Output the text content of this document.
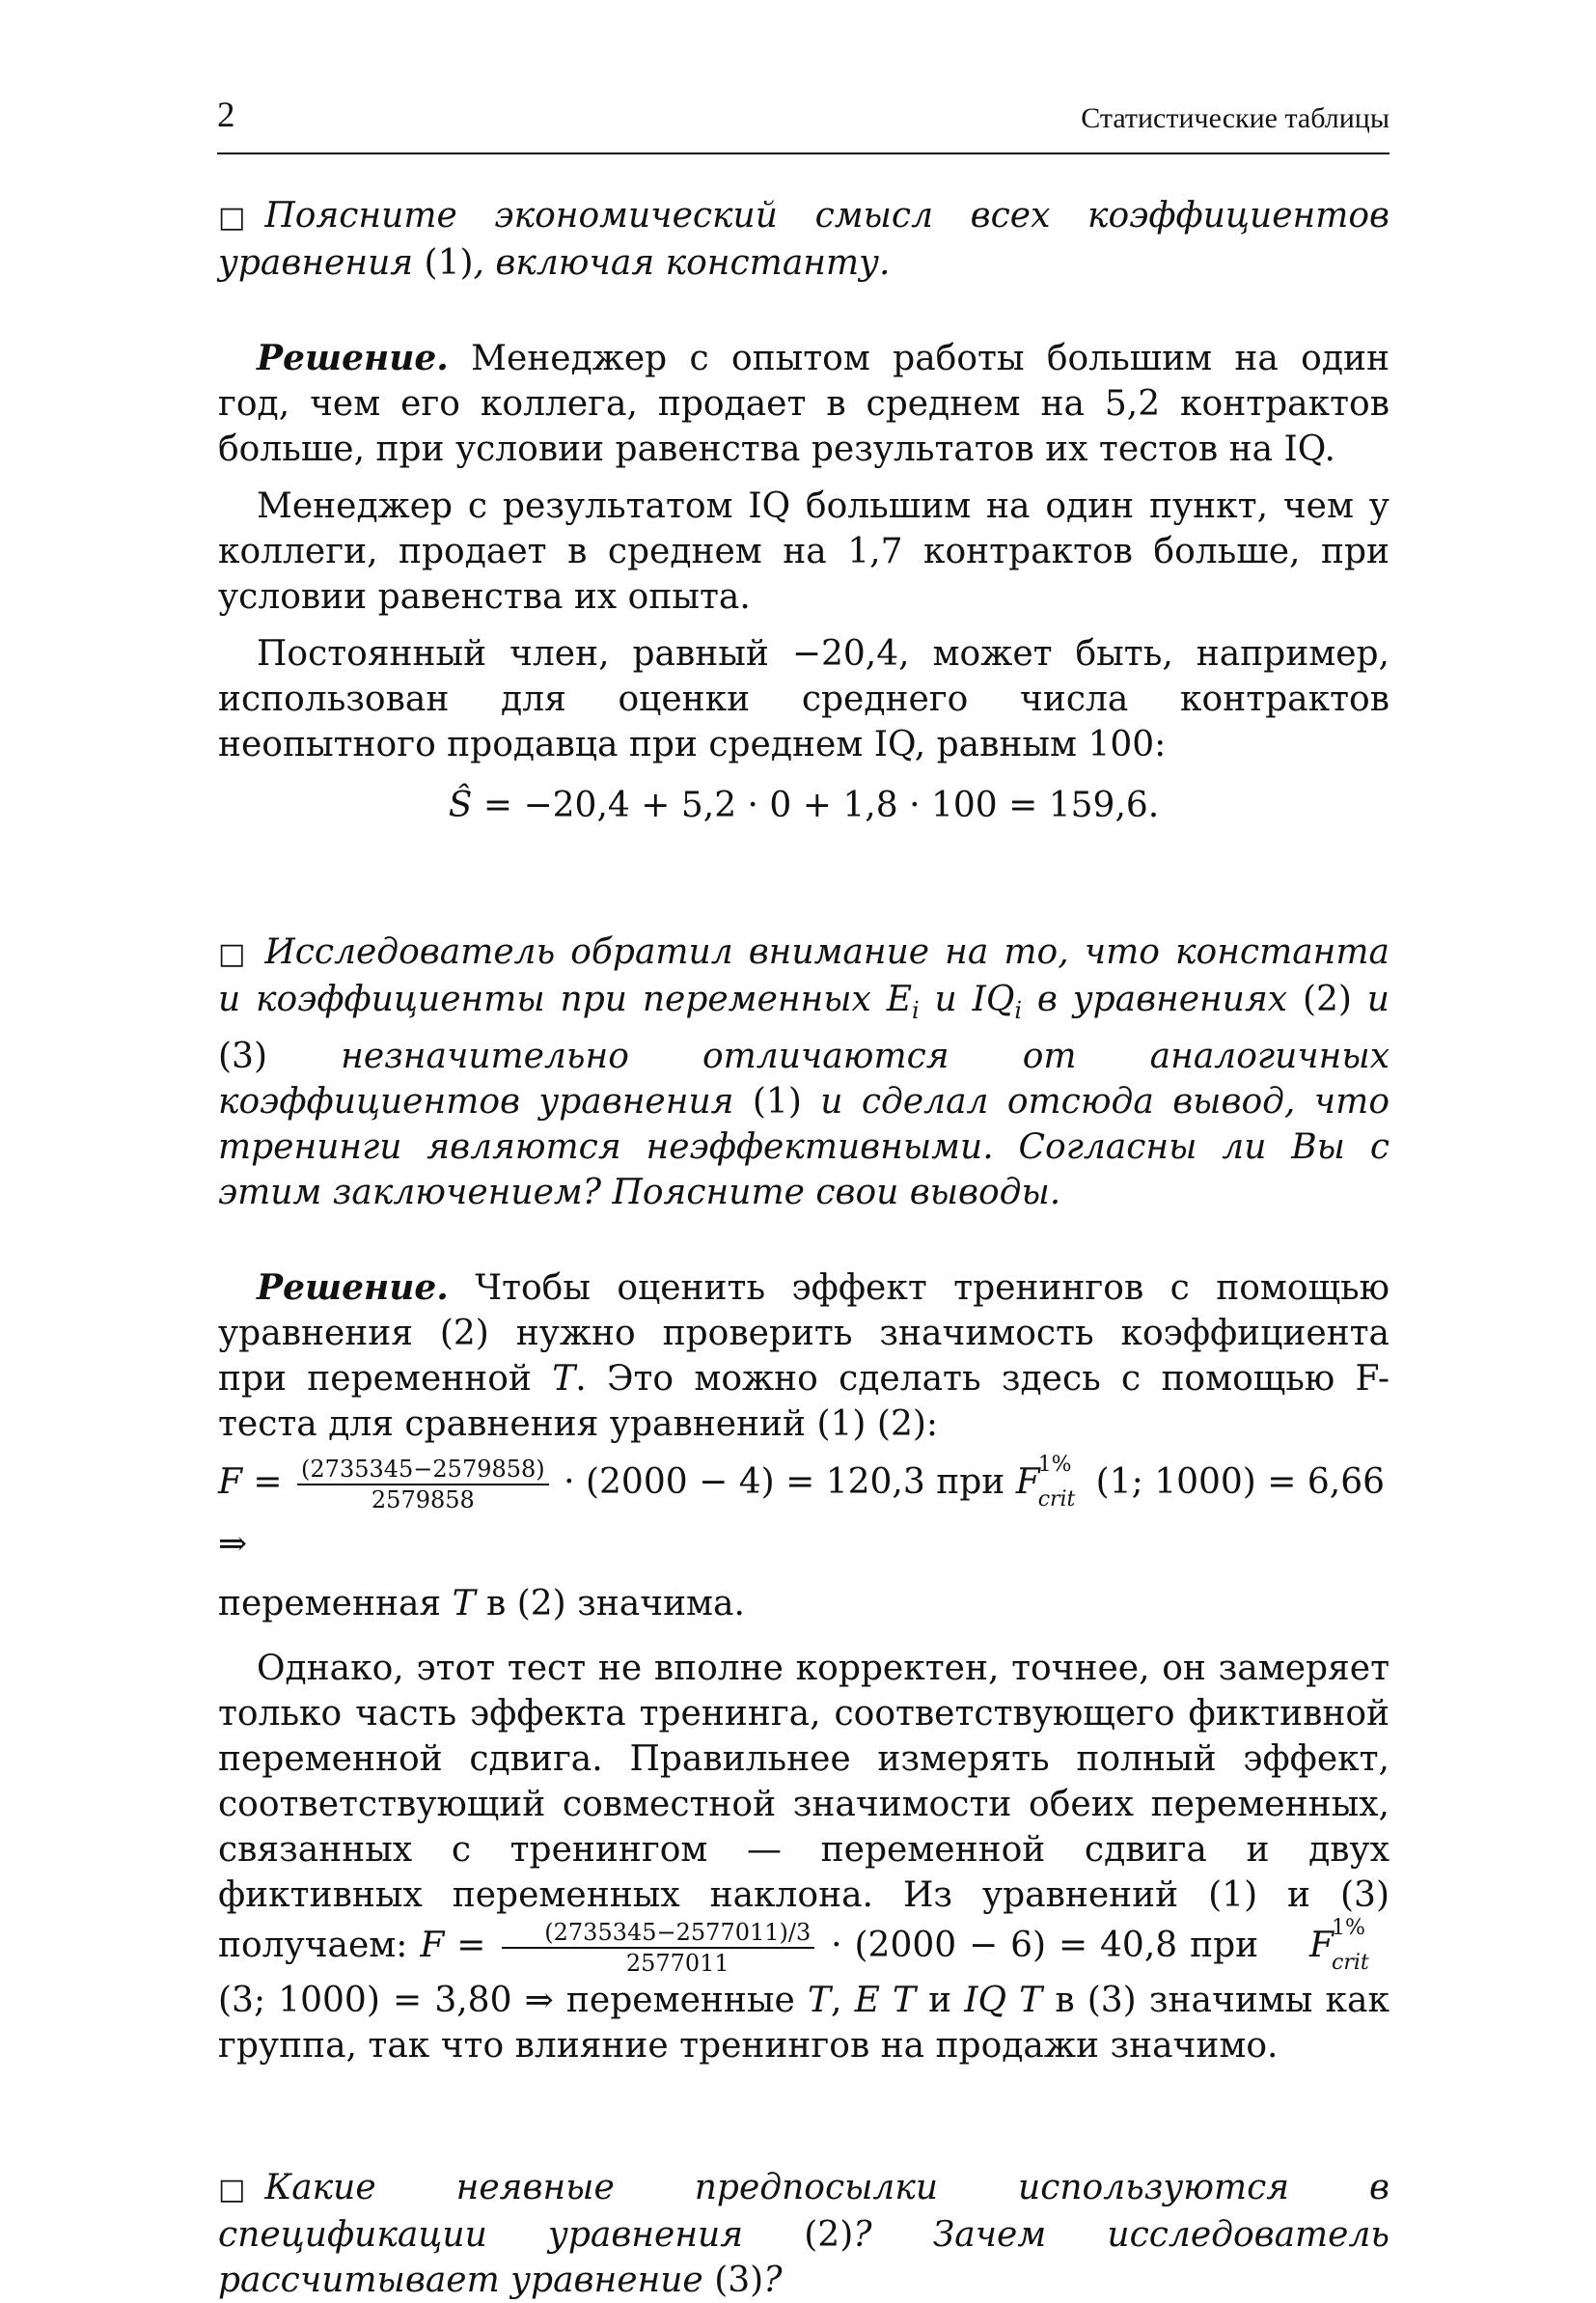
2	Статистические таблицы

□ Поясните экономический смысл всех коэффициентов уравнения (1), включая константу.

Решение. Менеджер с опытом работы большим на один год, чем его коллега, продает в среднем на 5,2 контрактов больше, при условии равенства результатов их тестов на IQ.

Менеджер с результатом IQ большим на один пункт, чем у коллеги, продает в среднем на 1,7 контрактов больше, при условии равенства их опыта.

Постоянный член, равный −20,4, может быть, например, использован для оценки среднего числа контрактов неопытного продавца при среднем IQ, равным 100:

Ŝ = −20,4 + 5,2 · 0 + 1,8 · 100 = 159,6.

□ Исследователь обратил внимание на то, что константа и коэффициенты при переменных $E_i$ и $IQ_i$ в уравнениях (2) и (3) незначительно отличаются от аналогичных коэффициентов уравнения (1) и сделал отсюда вывод, что тренинги являются неэффективными. Согласны ли Вы с этим заключением? Поясните свои выводы.

Решение. Чтобы оценить эффект тренингов с помощью уравнения (2) нужно проверить значимость коэффициента при переменной T. Это можно сделать здесь с помощью F-теста для сравнения уравнений (1) (2):

$F = \frac{(2735345-2579858)}{2579858} \cdot (2000 - 4) = 120,3$ при F
1%
crit (1; 1000) = 6,66 ⇒
переменная T в (2) значима.

Однако, этот тест не вполне корректен, точнее, он замеряет только часть эффекта тренинга, соответствующего фиктивной переменной сдвига. Правильнее измерять полный эффект, соответствующий совместной значимости обеих переменных, связанных с тренингом — переменной сдвига и двух фиктивных переменных наклона. Из уравнений (1) и (3) получаем: $F = \frac{(2735345-2577011)/3}{2577011} \cdot (2000 - 6) = 40,8$ при F
1%
crit
(3; 1000) = 3,80 ⇒ переменные T, E T и IQ T в (3) значимы как группа, так что влияние тренингов на продажи значимо.

□ Какие неявные предпосылки используются в спецификации уравнения (2)? Зачем исследователь рассчитывает уравнение (3)?
